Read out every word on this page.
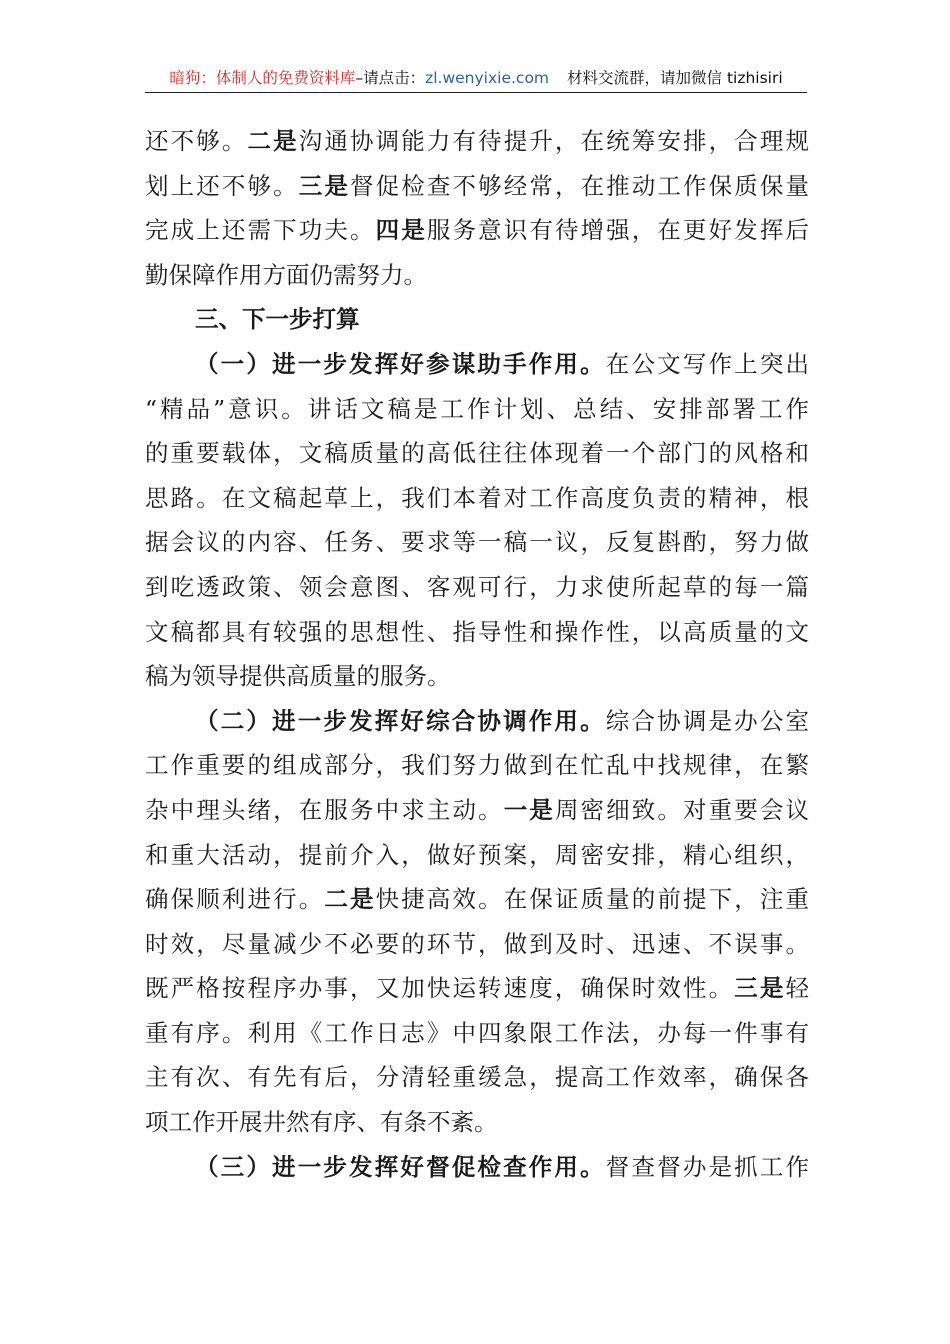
暗狗：体制人的免费资料库–请点击：zl.wenyixie.com 材料交流群，请加微信 tizhisiri
还不够。二是沟通协调能力有待提升，在统筹安排，合理规
划上还不够。三是督促检查不够经常，在推动工作保质保量
完成上还需下功夫。四是服务意识有待增强，在更好发挥后
勤保障作用方面仍需努力。
三、下一步打算
（一）进一步发挥好参谋助手作用。在公文写作上突出
“精品”意识。讲话文稿是工作计划、总结、安排部署工作
的重要载体，文稿质量的高低往往体现着一个部门的风格和
思路。在文稿起草上，我们本着对工作高度负责的精神，根
据会议的内容、任务、要求等一稿一议，反复斟酌，努力做
到吃透政策、领会意图、客观可行，力求使所起草的每一篇
文稿都具有较强的思想性、指导性和操作性，以高质量的文
稿为领导提供高质量的服务。
（二）进一步发挥好综合协调作用。综合协调是办公室
工作重要的组成部分，我们努力做到在忙乱中找规律，在繁
杂中理头绪，在服务中求主动。一是周密细致。对重要会议
和重大活动，提前介入，做好预案，周密安排，精心组织，
确保顺利进行。二是快捷高效。在保证质量的前提下，注重
时效，尽量减少不必要的环节，做到及时、迅速、不误事。
既严格按程序办事，又加快运转速度，确保时效性。三是轻
重有序。利用《工作日志》中四象限工作法，办每一件事有
主有次、有先有后，分清轻重缓急，提高工作效率，确保各
项工作开展井然有序、有条不紊。
（三）进一步发挥好督促检查作用。督查督办是抓工作
